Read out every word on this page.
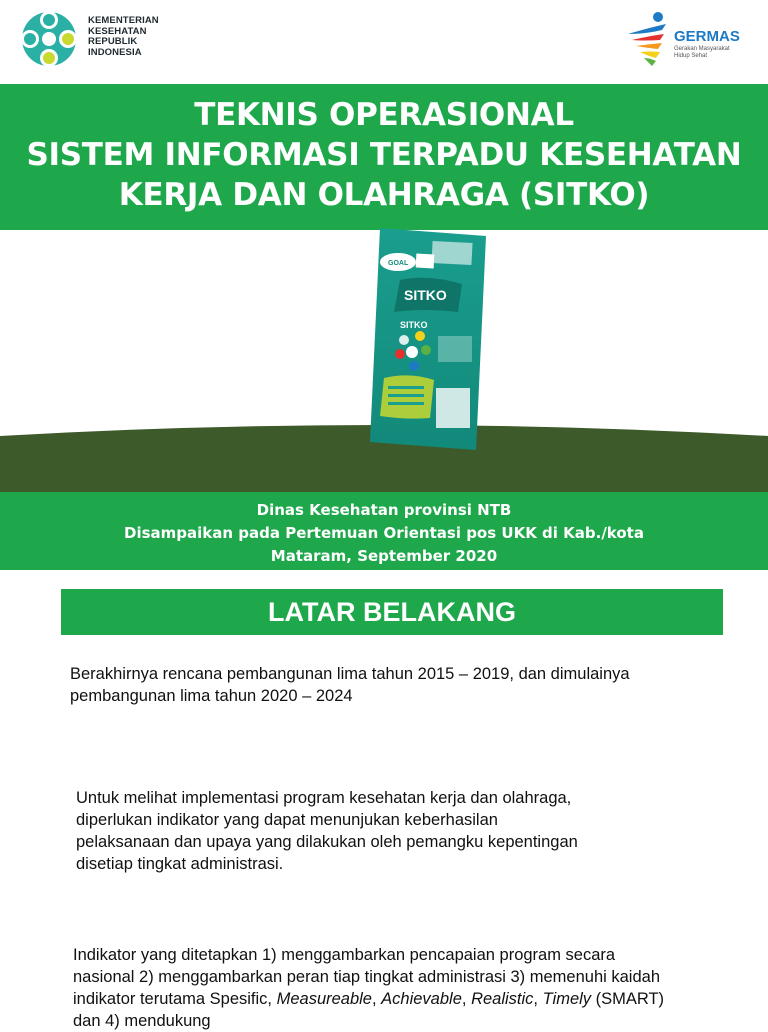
KEMENTERIAN
KESEHATAN
REPUBLIK
INDONESIA
GERMAS
Gerakan Masyarakat Hidup Sehat
TEKNIS OPERASIONAL
SISTEM INFORMASI TERPADU KESEHATAN
KERJA DAN OLAHRAGA (SITKO)
GOAL
SITKO
SITKO
Dinas Kesehatan provinsi NTB
Disampaikan pada Pertemuan Orientasi pos UKK di Kab./kota
Mataram, September 2020
LATAR BELAKANG
Berakhirnya rencana pembangunan lima tahun 2015 – 2019, dan dimulainya pembangunan lima tahun 2020 – 2024
Untuk melihat implementasi program kesehatan kerja dan olahraga, diperlukan indikator yang dapat menunjukan keberhasilan pelaksanaan dan upaya yang dilakukan oleh pemangku kepentingan disetiap tingkat administrasi.
Indikator yang ditetapkan 1) menggambarkan pencapaian program secara nasional 2) menggambarkan peran tiap tingkat administrasi 3) memenuhi kaidah indikator terutama Spesific, Measureable, Achievable, Realistic, Timely (SMART) dan 4) mendukung
